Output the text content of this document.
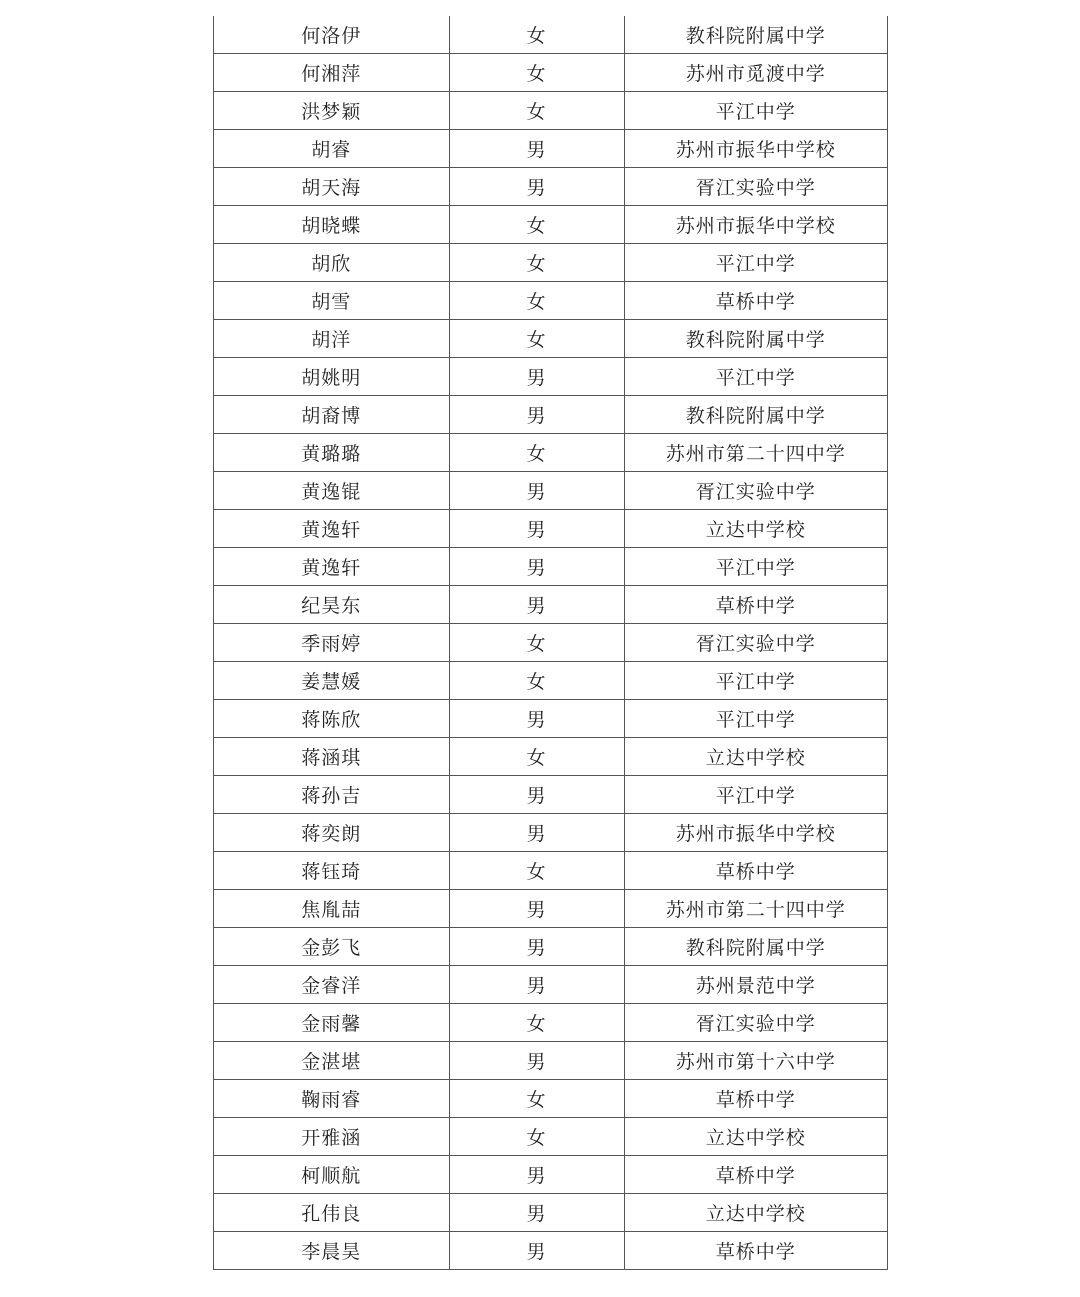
何洛伊	女	教科院附属中学
何湘萍	女	苏州市觅渡中学
洪梦颖	女	平江中学
胡睿	男	苏州市振华中学校
胡天海	男	胥江实验中学
胡晓蝶	女	苏州市振华中学校
胡欣	女	平江中学
胡雪	女	草桥中学
胡洋	女	教科院附属中学
胡姚明	男	平江中学
胡裔博	男	教科院附属中学
黄璐璐	女	苏州市第二十四中学
黄逸锟	男	胥江实验中学
黄逸轩	男	立达中学校
黄逸轩	男	平江中学
纪昊东	男	草桥中学
季雨婷	女	胥江实验中学
姜慧媛	女	平江中学
蒋陈欣	男	平江中学
蒋涵琪	女	立达中学校
蒋孙吉	男	平江中学
蒋奕朗	男	苏州市振华中学校
蒋钰琦	女	草桥中学
焦胤喆	男	苏州市第二十四中学
金彭飞	男	教科院附属中学
金睿洋	男	苏州景范中学
金雨馨	女	胥江实验中学
金湛堪	男	苏州市第十六中学
鞠雨睿	女	草桥中学
开雅涵	女	立达中学校
柯顺航	男	草桥中学
孔伟良	男	立达中学校
李晨昊	男	草桥中学
